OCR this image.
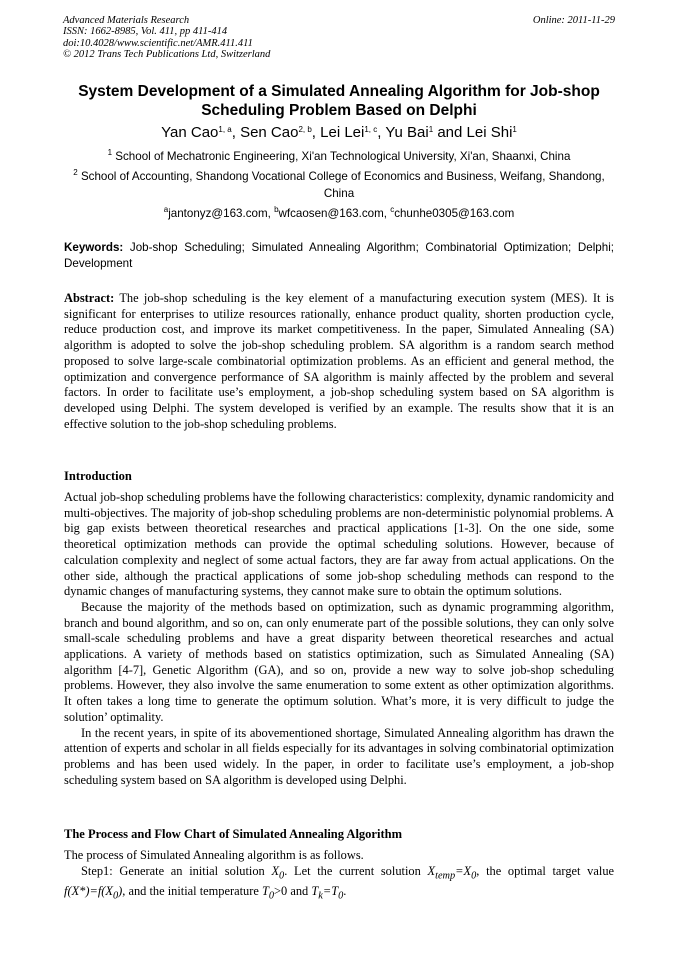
Advanced Materials Research
ISSN: 1662-8985, Vol. 411, pp 411-414
doi:10.4028/www.scientific.net/AMR.411.411
© 2012 Trans Tech Publications Ltd, Switzerland
Online: 2011-11-29
System Development of a Simulated Annealing Algorithm for Job-shop Scheduling Problem Based on Delphi
Yan Cao$^{1, a}$, Sen Cao$^{2, b}$, Lei Lei$^{1, c}$, Yu Bai$^1$ and Lei Shi$^1$
$^1$ School of Mechatronic Engineering, Xi'an Technological University, Xi'an, Shaanxi, China
$^2$ School of Accounting, Shandong Vocational College of Economics and Business, Weifang, Shandong, China
$^a$jantonyz@163.com, $^b$wfcaosen@163.com, $^c$chunhe0305@163.com
Keywords: Job-shop Scheduling; Simulated Annealing Algorithm; Combinatorial Optimization; Delphi; Development
Abstract: The job-shop scheduling is the key element of a manufacturing execution system (MES). It is significant for enterprises to utilize resources rationally, enhance product quality, shorten production cycle, reduce production cost, and improve its market competitiveness. In the paper, Simulated Annealing (SA) algorithm is adopted to solve the job-shop scheduling problem. SA algorithm is a random search method proposed to solve large-scale combinatorial optimization problems. As an efficient and general method, the optimization and convergence performance of SA algorithm is mainly affected by the problem and several factors. In order to facilitate use’s employment, a job-shop scheduling system based on SA algorithm is developed using Delphi. The system developed is verified by an example. The results show that it is an effective solution to the job-shop scheduling problems.
Introduction

Actual job-shop scheduling problems have the following characteristics: complexity, dynamic randomicity and multi-objectives. The majority of job-shop scheduling problems are non-deterministic polynomial problems. A big gap exists between theoretical researches and practical applications [1-3]. On the one side, some theoretical optimization methods can provide the optimal scheduling solutions. However, because of calculation complexity and neglect of some actual factors, they are far away from actual applications. On the other side, although the practical applications of some job-shop scheduling methods can respond to the dynamic changes of manufacturing systems, they cannot make sure to obtain the optimum solutions.

Because the majority of the methods based on optimization, such as dynamic programming algorithm, branch and bound algorithm, and so on, can only enumerate part of the possible solutions, they can only solve small-scale scheduling problems and have a great disparity between theoretical researches and actual applications. A variety of methods based on statistics optimization, such as Simulated Annealing (SA) algorithm [4-7], Genetic Algorithm (GA), and so on, provide a new way to solve job-shop scheduling problems. However, they also involve the same enumeration to some extent as other optimization algorithms. It often takes a long time to generate the optimum solution. What’s more, it is very difficult to judge the solution’ optimality.

In the recent years, in spite of its abovementioned shortage, Simulated Annealing algorithm has drawn the attention of experts and scholar in all fields especially for its advantages in solving combinatorial optimization problems and has been used widely. In the paper, in order to facilitate use’s employment, a job-shop scheduling system based on SA algorithm is developed using Delphi.

The Process and Flow Chart of Simulated Annealing Algorithm

The process of Simulated Annealing algorithm is as follows.

Step1: Generate an initial solution $X_0$. Let the current solution $X_{temp}=X_0$, the optimal target value $f(X*)=f(X_0)$, and the initial temperature $T_0>0$ and $T_k=T_0$.
